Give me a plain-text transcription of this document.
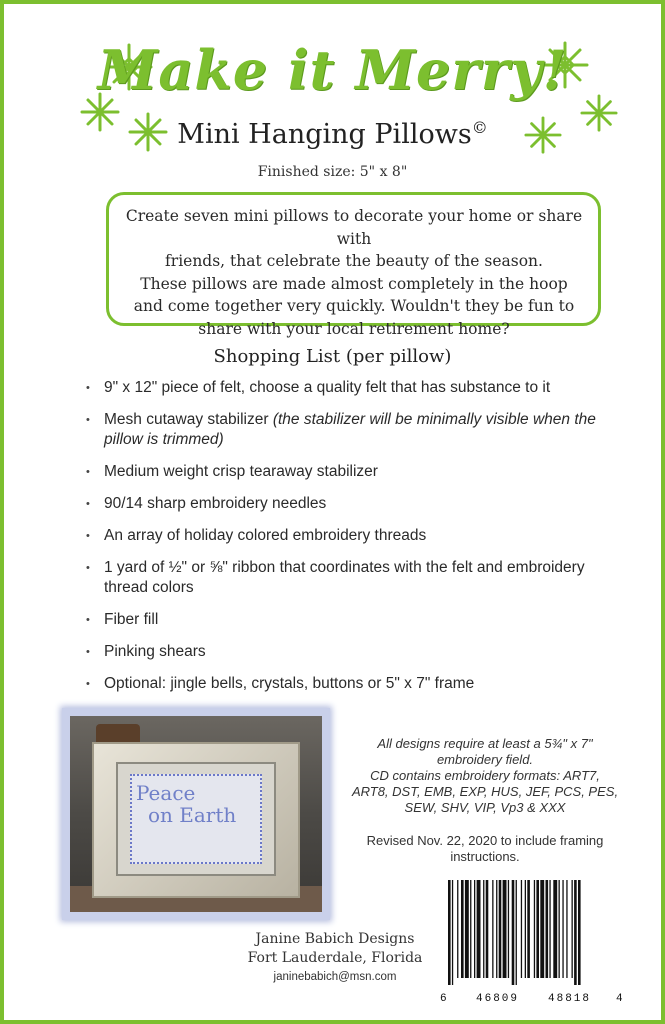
Make it Merry!
Mini Hanging Pillows©
Finished size: 5" x 8"
Create seven mini pillows to decorate your home or share with
friends, that celebrate the beauty of the season.
These pillows are made almost completely in the hoop
and come together very quickly. Wouldn't they be fun to
share with your local retirement home?
Shopping List (per pillow)
• 9" x 12" piece of felt, choose a quality felt that has substance to it
• Mesh cutaway stabilizer (the stabilizer will be minimally visible when the pillow is trimmed)
• Medium weight crisp tearaway stabilizer
• 90/14 sharp embroidery needles
• An array of holiday colored embroidery threads
• 1 yard of ½" or ⅝" ribbon that coordinates with the felt and embroidery thread colors
• Fiber fill
• Pinking shears
• Optional: jingle bells, crystals, buttons or 5" x 7" frame
Peace
on Earth
All designs require at least a 5¾" x 7"
embroidery field.
CD contains embroidery formats: ART7,
ART8, DST, EMB, EXP, HUS, JEF, PCS, PES,
SEW, SHV, VIP, Vp3 & XXX
Revised Nov. 22, 2020 to include framing
instructions.
Janine Babich Designs
Fort Lauderdale, Florida
janinebabich@msn.com
6	46809	48818 4
